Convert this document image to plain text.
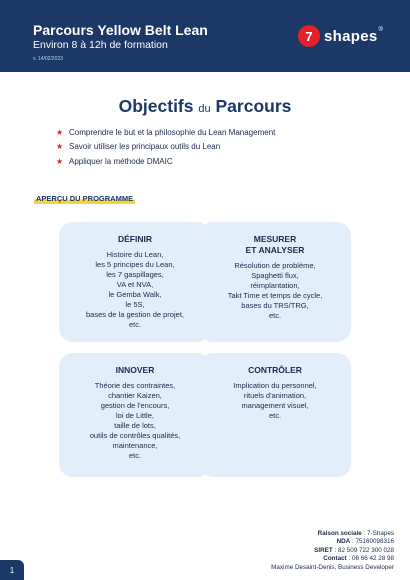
Parcours Yellow Belt Lean
Environ 8 à 12h de formation
v. 14/02/2023
7 shapes ®
Objectifs du Parcours
★ Comprendre le but et la philosophie du Lean Management
★ Savoir utiliser les principaux outils du Lean
★ Appliquer la méthode DMAIC
APERÇU DU PROGRAMME
DÉFINIR
Histoire du Lean,
les 5 principes du Lean,
les 7 gaspillages,
VA et NVA,
le Gemba Walk,
le 5S,
bases de la gestion de projet,
etc.
MESURER
ET ANALYSER
Résolution de problème,
Spaghetti flux,
réimplantation,
Takt Time et temps de cycle,
bases du TRS/TRG,
etc.
INNOVER
Théorie des contraintes,
chantier Kaizen,
gestion de l'encours,
loi de Little,
taille de lots,
outils de contrôles qualités,
maintenance,
etc.
CONTRÔLER
Implication du personnel,
rituels d'animation,
management visuel,
etc.
Raison sociale : 7-Shapes
NDA : 75160098316
SIRET : 82 509 722 300 028
Contact : 06 66 42 28 98
Maxime Desaint-Denis, Business Developer
1
